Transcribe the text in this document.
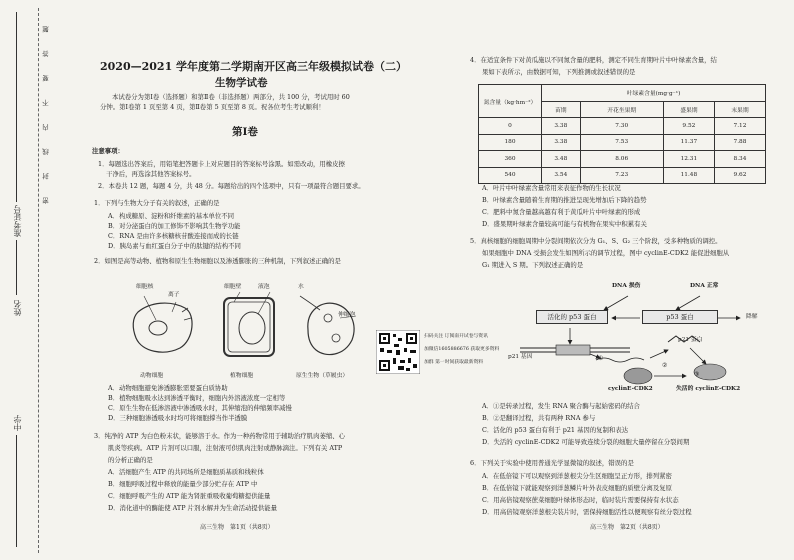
密 封 线 内 不 要 答 题
姓名
准考证号
中学
2020—2021 学年度第二学期南开区高三年级模拟试卷（二）
生物学试卷
本试卷分为第Ⅰ卷（选择题）和第Ⅱ卷（非选择题）两部分，共 100 分，考试用时 60
分钟。第Ⅰ卷第 1 页至第 4 页，第Ⅱ卷第 5 页至第 8 页。祝各位考生考试顺利！
第Ⅰ卷
注意事项：
1．每题选出答案后，用铅笔把答题卡上对应题目的答案标号涂黑。如需改动，用橡皮擦
干净后，再选涂其他答案标号。
2．本卷共 12 题，每题 4 分，共 48 分。每题给出的四个选项中，只有一项最符合题目要求。
1．下列与生物大分子有关的叙述，正确的是
A．构成糖原、淀粉和纤维素的基本单位不同
B．对分泌蛋白的加工修饰不影响其生物学功能
C．RNA 是由许多核糖核苷酸连接而成的长链
D．胰岛素与血红蛋白分子中的肽键的结构不同
2．如图是高等动物、植物和原生生物细胞以及渗透膨胀的三种机制，下列叙述正确的是
细胞核
离子
细胞壁	液泡	水
伸缩泡
动物细胞	植物细胞	原生生物（草履虫）
扫码关注 订阅南开试卷与资讯
加微信1605886676 获取更多资料
加群 第一时间获取最新资料
A．动物细胞避免渗透膨胀需要蛋白质协助
B．植物细胞吸水达到渗透平衡时，细胞内外溶液浓度一定相等
C．原生生物在低渗溶液中渗透吸水时，其伸缩泡的伸缩频率减慢
D．三种细胞渗透吸水时均可将细胞撑当作半透膜
3．纯净的 ATP 为白色粉末状，能够溶于水。作为一种药物常用于辅助治疗肌肉萎缩、心
肌炎等疾病。ATP 片剂可以口服，注射液可供肌肉注射或静脉滴注。下列有关 ATP
的分析正确的是
A．活细胞产生 ATP 的共同场所是细胞质基质和线粒体
B．细胞呼吸过程中释放的能量少部分贮存在 ATP 中
C．细胞呼吸产生的 ATP 能为肾脏重吸收葡萄糖提供能量
D．消化道中的酶能使 ATP 片剂水解并为生命活动提供能量
高三生物　第1页（共8页）
4．在适宜条件下对黄瓜施以不同氮含量的肥料，测定不同生育期叶片中叶绿素含量，结
果如下表所示，由数据可知，下列推测或叙述错误的是
氮含量（kg·hm⁻²）	叶绿素含量(mg·g⁻¹)			
	苗期	开花坐果期	盛果期	末果期
0	3.38	7.30	9.52	7.12
180	3.38	7.53	11.37	7.88
360	3.48	8.06	12.31	8.34
540	3.54	7.23	11.48	9.62
A．叶片中叶绿素含量常用来表征作物的生长状况
B．叶绿素含量随着生育期的推进呈现先增加后下降的趋势
C．肥料中氮含量越高越有利于黄瓜叶片中叶绿素的形成
D．盛果期叶绿素含量较高可能与有机物在果实中积累有关
5．真核细胞的细胞周期中分裂间期依次分为 G₁、S、G₂ 三个阶段，受多种物质的调控。
如果细胞中 DNA 受损会发生如图所示的调节过程，图中 cyclinE-CDK2 能促进细胞从
G₁ 期进入 S 期。下列叙述正确的是
DNA 损伤	DNA 正常
活化的 p53 蛋白	p53 蛋白	降解
p21 基因
p21 蛋白
①
②
③
cyclinE-CDK2	失活的 cyclinE-CDK2
A．①是转录过程，发生 RNA 聚合酶与起始密码的结合
B．②是翻译过程，共有两种 RNA 参与
C．活化的 p53 蛋白有利于 p21 基因的复制和表达
D．失活的 cyclinE-CDK2 可能导致连续分裂的细胞大量停留在分裂间期
6．下列关于实验中使用普通光学显微镜的叙述，错误的是
A．在低倍镜下可以观察到洋葱根尖分生区细胞呈正方形，排列紧密
B．在低倍镜下就能观察到洋葱鳞片叶外表皮细胞的质壁分离及复原
C．用高倍镜观察蔗菜细胞叶绿体形态时，临时装片需要保持有水状态
D．用高倍镜观察洋葱根尖装片时，需保持细胞活性以便观察有丝分裂过程
高三生物　第2页（共8页）
